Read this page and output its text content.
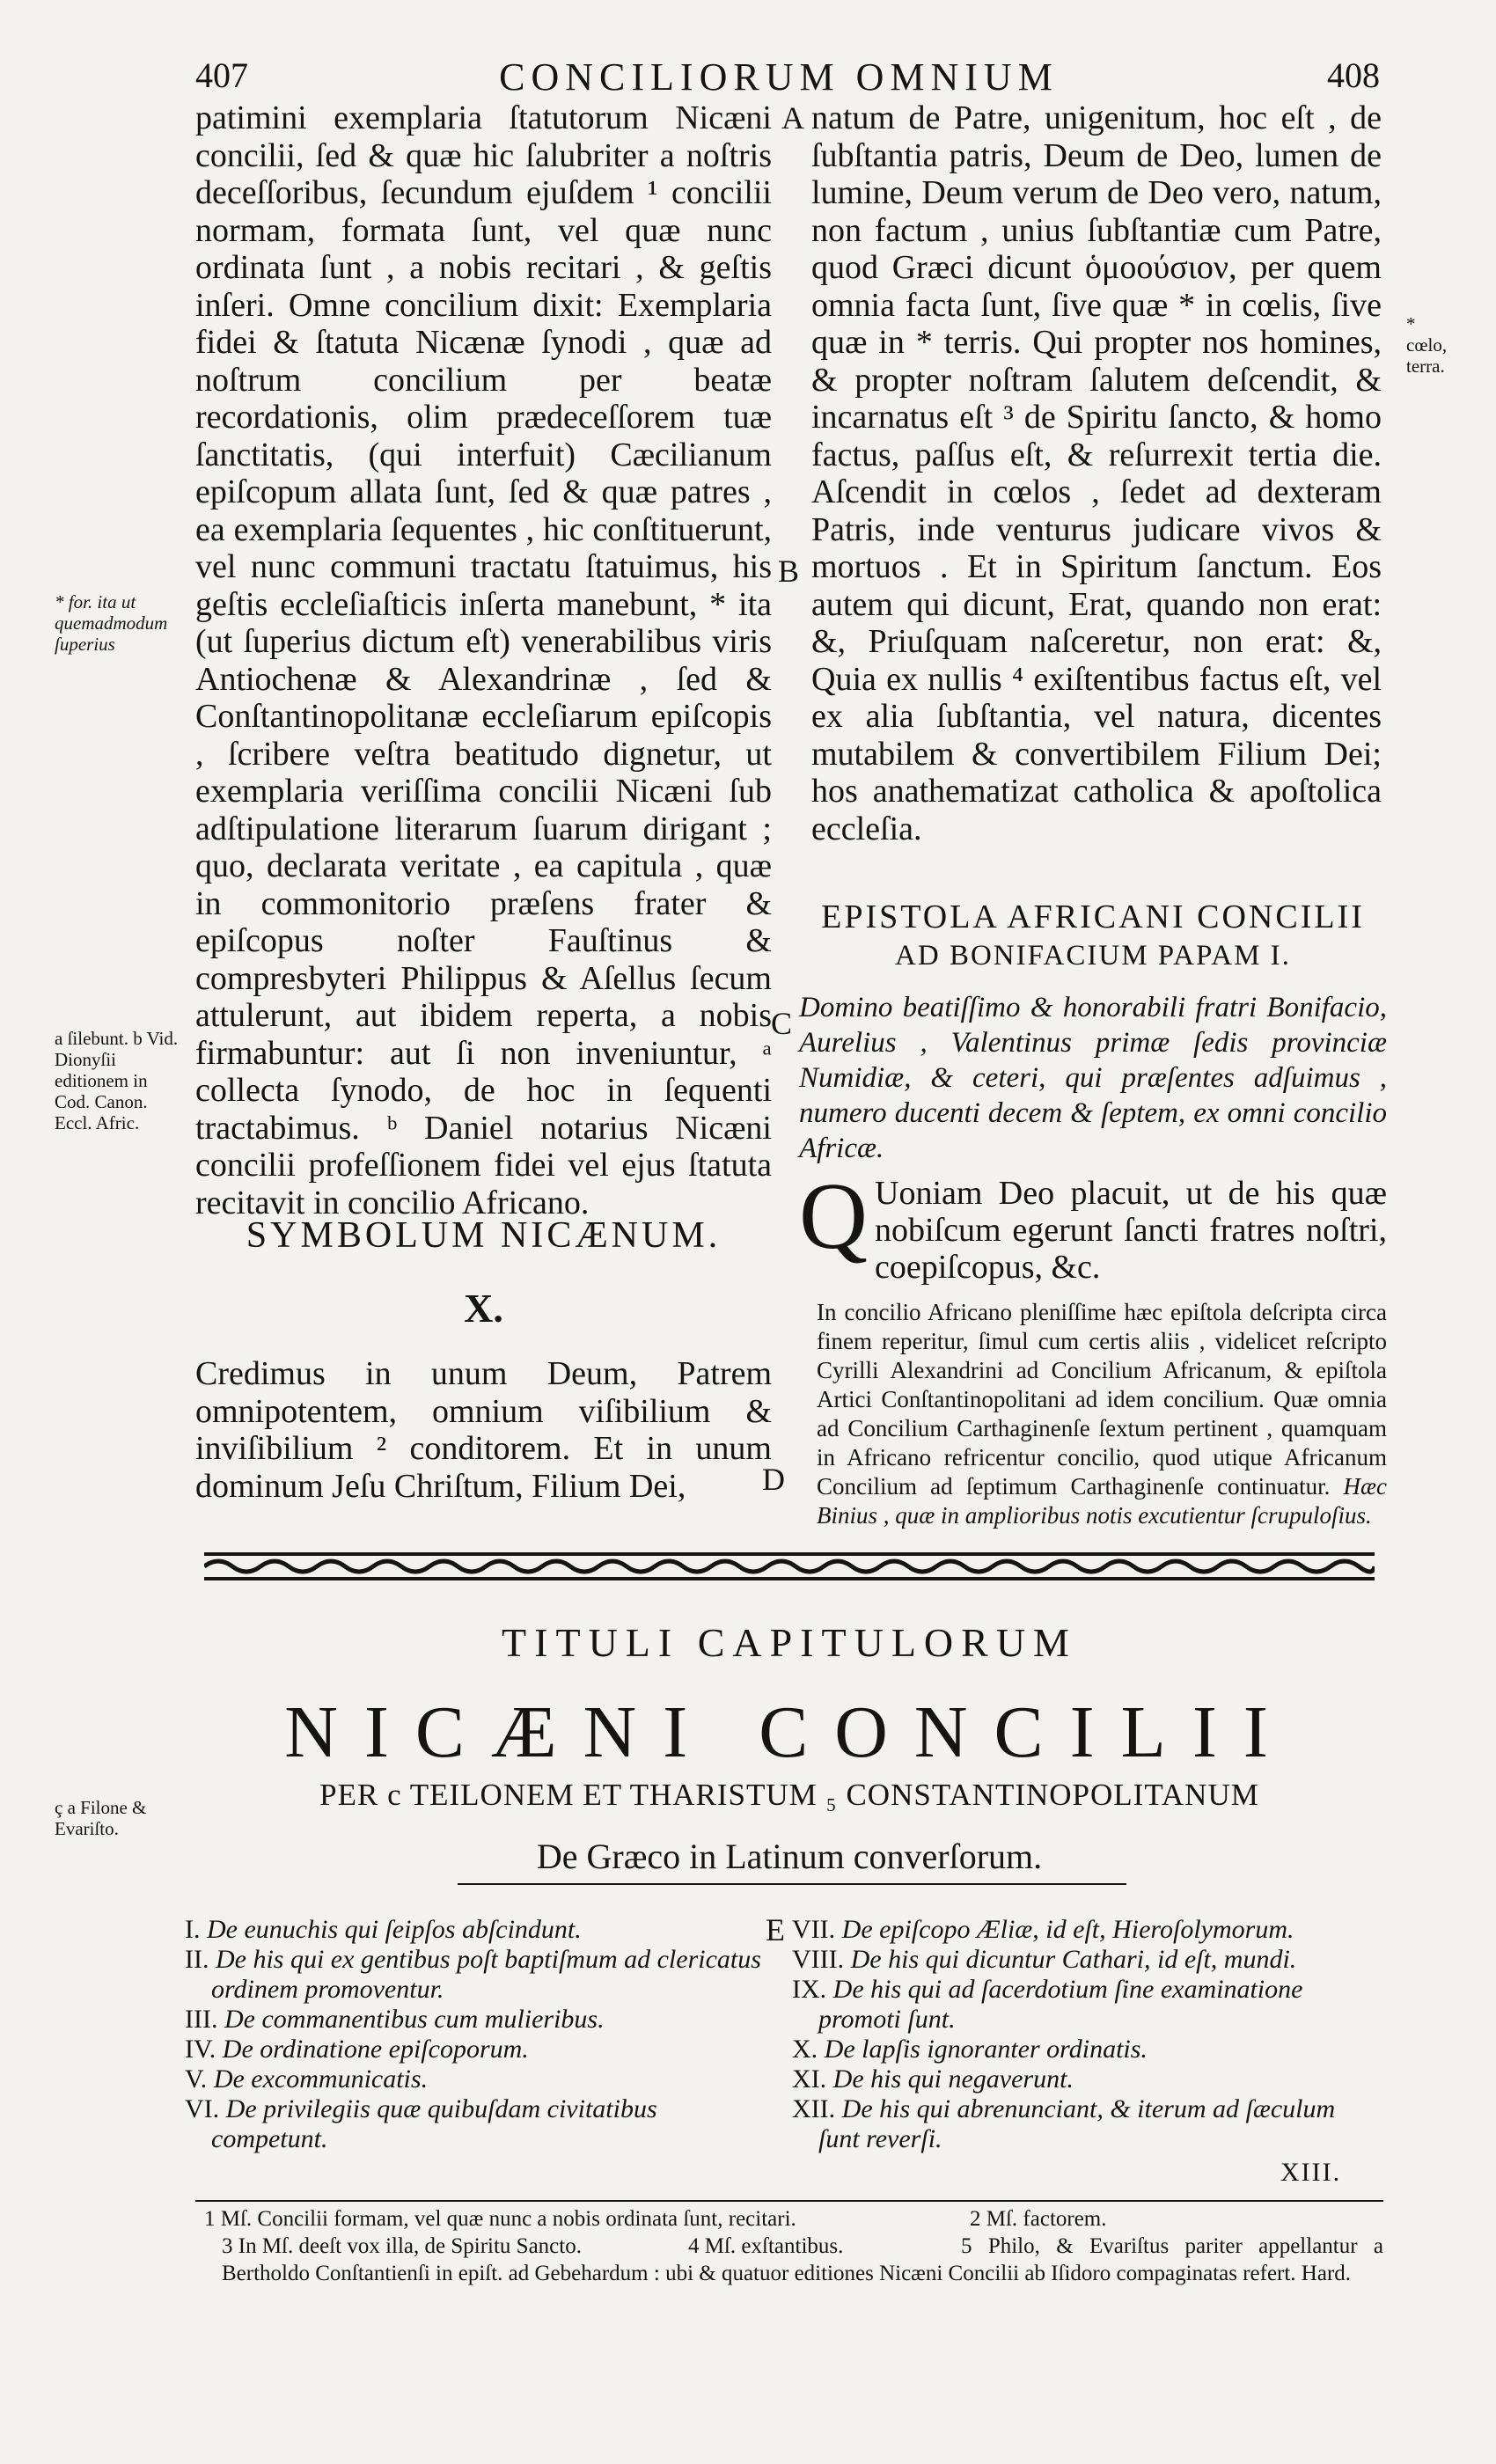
407	CONCILIORUM OMNIUM	408

patimini exemplaria ſtatutorum Nicæni concilii, ſed & quæ hic ſalubriter a noſtris deceſſoribus, ſecundum ejuſdem ¹ concilii normam, formata ſunt, vel quæ nunc ordinata ſunt , a nobis recitari , & geſtis inſeri. Omne concilium dixit: Exemplaria fidei & ſtatuta Nicænæ ſynodi , quæ ad noſtrum concilium per beatæ recordationis, olim prædeceſſorem tuæ ſanctitatis, (qui interfuit) Cæcilianum epiſcopum allata ſunt, ſed & quæ patres , ea exemplaria ſequentes , hic conſtituerunt, vel nunc communi tractatu ſtatuimus, his geſtis eccleſiaſticis inſerta manebunt, * ita (ut ſuperius dictum eſt) venerabilibus viris Antiochenæ & Alexandrinæ , ſed & Conſtantinopolitanæ eccleſiarum epiſcopis , ſcribere veſtra beatitudo dignetur, ut exemplaria veriſſima concilii Nicæni ſub adſtipulatione literarum ſuarum dirigant ; quo, declarata veritate , ea capitula , quæ in commonitorio præſens frater & epiſcopus noſter Fauſtinus & compresbyteri Philippus & Aſellus ſecum attulerunt, aut ibidem reperta, a nobis firmabuntur: aut ſi non inveniuntur, ᵃ collecta ſynodo, de hoc in ſequenti tractabimus. ᵇ Daniel notarius Nicæni concilii profeſſionem fidei vel ejus ſtatuta recitavit in concilio Africano.

SYMBOLUM NICÆNUM.
X.

Credimus in unum Deum, Patrem omnipotentem, omnium viſibilium & inviſibilium ² conditorem. Et in unum dominum Jeſu Chriſtum, Filium Dei,

natum de Patre, unigenitum, hoc eſt , de ſubſtantia patris, Deum de Deo, lumen de lumine, Deum verum de Deo vero, natum, non factum , unius ſubſtantiæ cum Patre, quod Græci dicunt ὁμοούσιον, per quem omnia facta ſunt, ſive quæ * in cœlis, ſive quæ in * terris. Qui propter nos homines, & propter noſtram ſalutem deſcendit, & incarnatus eſt ³ de Spiritu ſancto, & homo factus, paſſus eſt, & reſurrexit tertia die. Aſcendit in cœlos , ſedet ad dexteram Patris, inde venturus judicare vivos & mortuos . Et in Spiritum ſanctum. Eos autem qui dicunt, Erat, quando non erat: &, Priuſquam naſceretur, non erat: &, Quia ex nullis ⁴ exiſtentibus factus eſt, vel ex alia ſubſtantia, vel natura, dicentes mutabilem & convertibilem Filium Dei; hos anathematizat catholica & apoſtolica eccleſia.

EPISTOLA AFRICANI CONCILII
AD BONIFACIUM PAPAM I.
Domino beatiſſimo & honorabili fratri Bonifacio, Aurelius , Valentinus primæ ſedis provinciæ Numidiæ, & ceteri, qui præſentes adſuimus , numero ducenti decem & ſeptem, ex omni concilio Africæ.
Q Uoniam Deo placuit, ut de his quæ nobiſcum egerunt ſancti fratres noſtri, coepiſcopus, &c.
In concilio Africano pleniſſime hæc epiſtola deſcripta circa finem reperitur, ſimul cum certis aliis , videlicet reſcripto Cyrilli Alexandrini ad Concilium Africanum, & epiſtola Artici Conſtantinopolitani ad idem concilium. Quæ omnia ad Concilium Carthaginenſe ſextum pertinent , quamquam in Africano refricentur concilio, quod utique Africanum Concilium ad ſeptimum Carthaginenſe continuatur. Hæc Binius , quæ in amplioribus notis excutientur ſcrupuloſius.
A
B
C
D
E
* for. ita ut quemadmodum ſuperius
* cœlo, terra.
a ſilebunt. b Vid. Dionyſii editionem in Cod. Canon. Eccl. Afric.
ç a Filone & Evariſto.
TITULI CAPITULORUM
NICÆNI CONCILII
PER c TEILONEM ET THARISTUM ₅ CONSTANTINOPOLITANUM
De Græco in Latinum converſorum.
I. De eunuchis qui ſeipſos abſcindunt.
II. De his qui ex gentibus poſt baptiſmum ad clericatus ordinem promoventur.
III. De commanentibus cum mulieribus.
IV. De ordinatione epiſcoporum.
V. De excommunicatis.
VI. De privilegiis quæ quibuſdam civitatibus competunt.
VII. De epiſcopo Æliæ, id eſt, Hieroſolymorum.
VIII. De his qui dicuntur Cathari, id eſt, mundi.
IX. De his qui ad ſacerdotium ſine examinatione promoti ſunt.
X. De lapſis ignoranter ordinatis.
XI. De his qui negaverunt.
XII. De his qui abrenunciant, & iterum ad ſæculum ſunt reverſi.
XIII.
1 Mſ. Concilii formam, vel quæ nunc a nobis ordinata ſunt, recitari.	2 Mſ. factorem.
3 In Mſ. deeſt vox illa, de Spiritu Sancto.	4 Mſ. exſtantibus.	5 Philo, & Evariſtus pariter appellantur a Bertholdo Conſtantienſi in epiſt. ad Gebehardum : ubi & quatuor editiones Nicæni Concilii ab Iſidoro compaginatas refert. Hard.
